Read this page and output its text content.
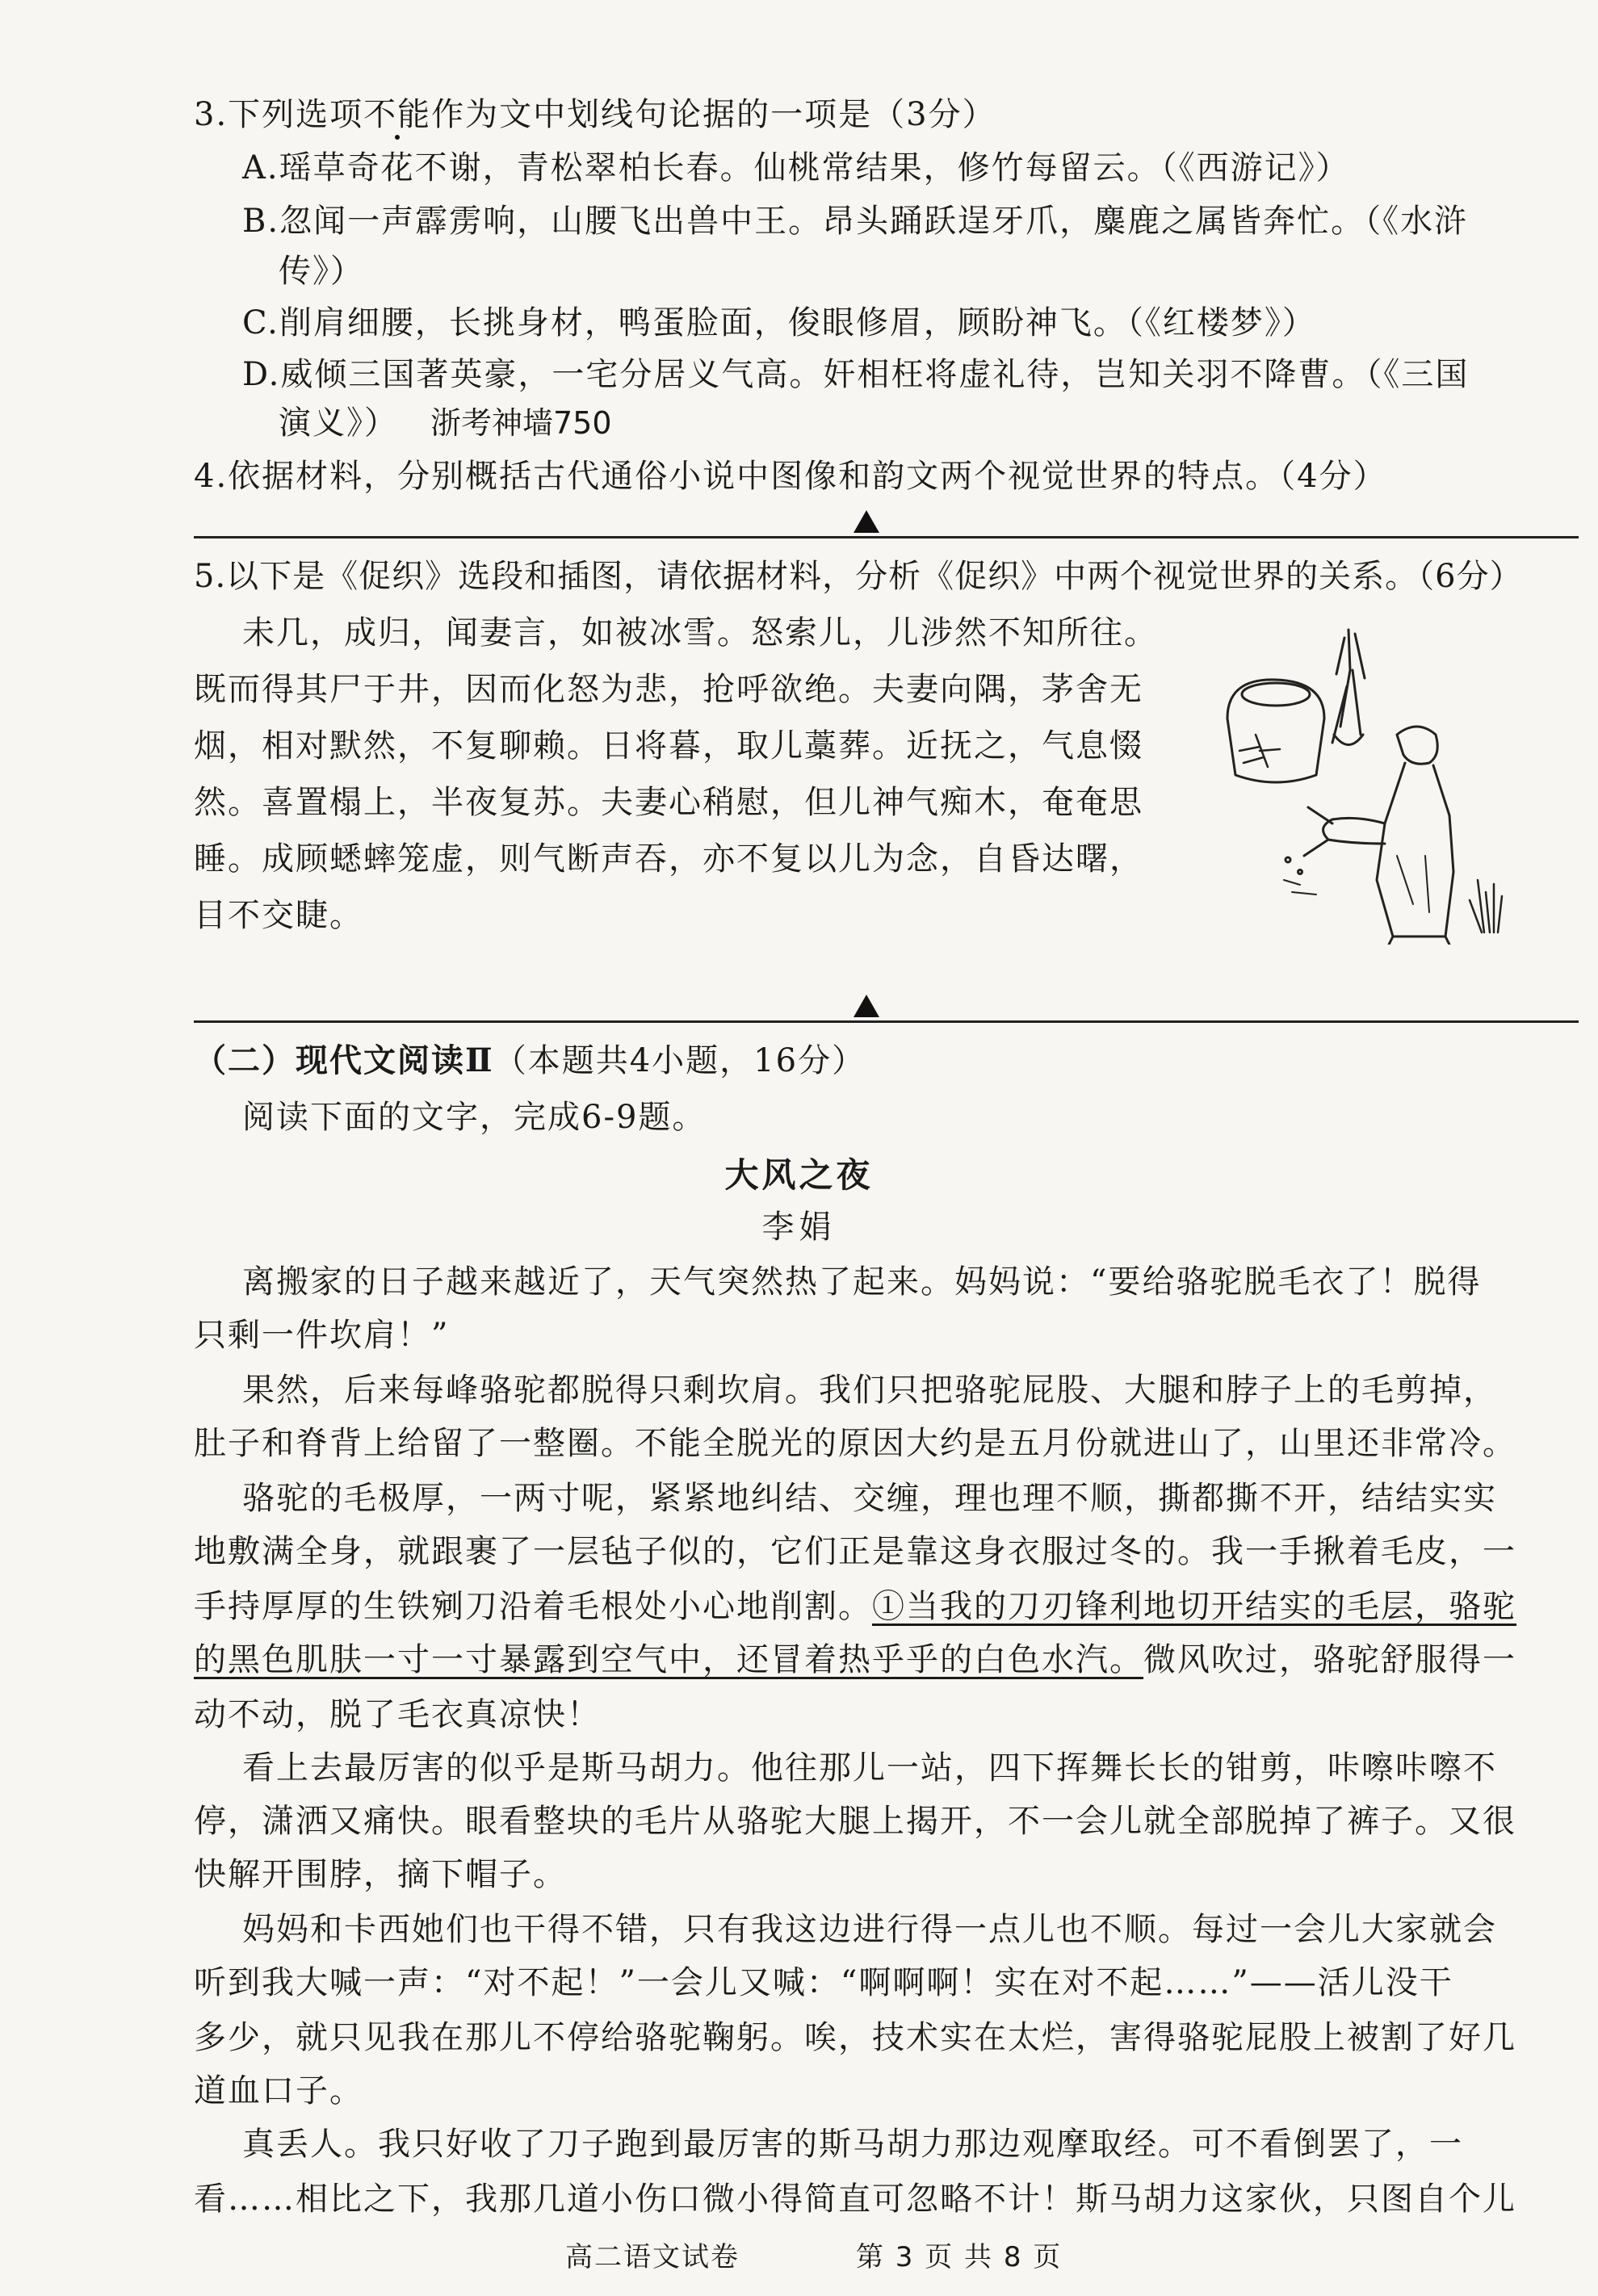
3.下列选项不能作为文中划线句论据的一项是（3分）
A.瑶草奇花不谢，青松翠柏长春。仙桃常结果，修竹每留云。（《西游记》）
B.忽闻一声霹雳响，山腰飞出兽中王。昂头踊跃逞牙爪，麋鹿之属皆奔忙。（《水浒
传》）
C.削肩细腰，长挑身材，鸭蛋脸面，俊眼修眉，顾盼神飞。（《红楼梦》）
D.威倾三国著英豪，一宅分居义气高。奸相枉将虚礼待，岂知关羽不降曹。（《三国
演义》） 浙考神墙750
4.依据材料，分别概括古代通俗小说中图像和韵文两个视觉世界的特点。（4分）
5.以下是《促织》选段和插图，请依据材料，分析《促织》中两个视觉世界的关系。（6分）
未几，成归，闻妻言，如被冰雪。怒索儿，儿涉然不知所往。
既而得其尸于井，因而化怒为悲，抢呼欲绝。夫妻向隅，茅舍无
烟，相对默然，不复聊赖。日将暮，取儿藁葬。近抚之，气息惙
然。喜置榻上，半夜复苏。夫妻心稍慰，但儿神气痴木，奄奄思
睡。成顾蟋蟀笼虚，则气断声吞，亦不复以儿为念，自昏达曙，
目不交睫。
（二）现代文阅读Ⅱ（本题共4小题，16分）
阅读下面的文字，完成6-9题。
大风之夜
李娟
离搬家的日子越来越近了，天气突然热了起来。妈妈说：“要给骆驼脱毛衣了！脱得
只剩一件坎肩！”
果然，后来每峰骆驼都脱得只剩坎肩。我们只把骆驼屁股、大腿和脖子上的毛剪掉，
肚子和脊背上给留了一整圈。不能全脱光的原因大约是五月份就进山了，山里还非常冷。
骆驼的毛极厚，一两寸呢，紧紧地纠结、交缠，理也理不顺，撕都撕不开，结结实实
地敷满全身，就跟裹了一层毡子似的，它们正是靠这身衣服过冬的。我一手揪着毛皮，一
手持厚厚的生铁剜刀沿着毛根处小心地削割。①当我的刀刃锋利地切开结实的毛层，骆驼
的黑色肌肤一寸一寸暴露到空气中，还冒着热乎乎的白色水汽。微风吹过，骆驼舒服得一
动不动，脱了毛衣真凉快！
看上去最厉害的似乎是斯马胡力。他往那儿一站，四下挥舞长长的钳剪，咔嚓咔嚓不
停，潇洒又痛快。眼看整块的毛片从骆驼大腿上揭开，不一会儿就全部脱掉了裤子。又很
快解开围脖，摘下帽子。
妈妈和卡西她们也干得不错，只有我这边进行得一点儿也不顺。每过一会儿大家就会
听到我大喊一声：“对不起！”一会儿又喊：“啊啊啊！实在对不起……”——活儿没干
多少，就只见我在那儿不停给骆驼鞠躬。唉，技术实在太烂，害得骆驼屁股上被割了好几
道血口子。
真丢人。我只好收了刀子跑到最厉害的斯马胡力那边观摩取经。可不看倒罢了，一
看……相比之下，我那几道小伤口微小得简直可忽略不计！斯马胡力这家伙，只图自个儿
高二语文试卷	第 3 页 共 8 页
